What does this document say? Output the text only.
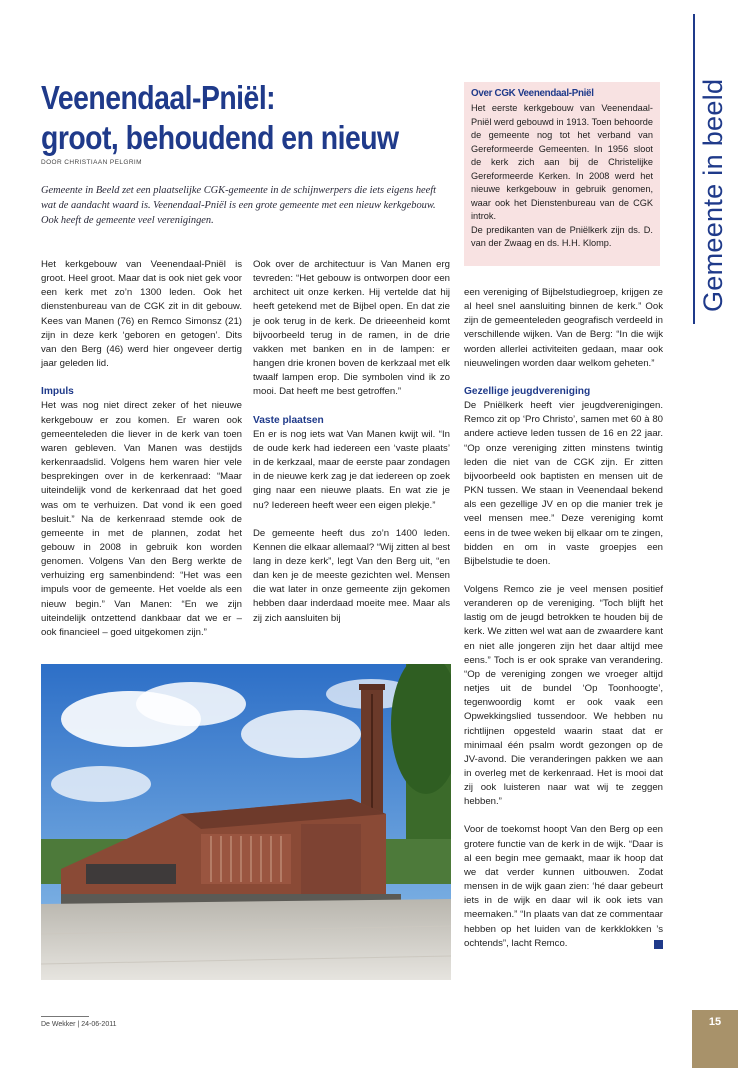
Gemeente in beeld
Veenendaal-Pniël:
groot, behoudend en nieuw
DOOR CHRISTIAAN PELGRIM

Gemeente in Beeld zet een plaatselijke CGK-gemeente in de schijnwerpers die iets eigens heeft wat de aandacht waard is. Veenendaal-Pniël is een grote gemeente met een nieuw kerkgebouw. Ook heeft de gemeente veel verenigingen.

Over CGK Veenendaal-Pniël

Het eerste kerkgebouw van Veenendaal-Pniël werd gebouwd in 1913. Toen behoorde de gemeente nog tot het verband van Gereformeerde Gemeenten. In 1956 sloot de kerk zich aan bij de Christelijke Gereformeerde Kerken. In 2008 werd het nieuwe kerkgebouw in gebruik genomen, waar ook het Dienstenbureau van de CGK introk.

De predikanten van de Pniëlkerk zijn ds. D. van der Zwaag en ds. H.H. Klomp.

Het kerkgebouw van Veenendaal-Pniël is groot. Heel groot. Maar dat is ook niet gek voor een kerk met zo’n 1300 leden. Ook het dienstenbureau van de CGK zit in dit gebouw. Kees van Manen (76) en Remco Simonsz (21) zijn in deze kerk ‘geboren en getogen’. Dits van den Berg (46) werd hier ongeveer dertig jaar geleden lid.

Impuls

Het was nog niet direct zeker of het nieuwe kerkgebouw er zou komen. Er waren ook gemeenteleden die liever in de kerk van toen waren gebleven. Van Manen was destijds kerkenraadslid. Volgens hem waren hier vele besprekingen over in de kerkenraad: “Maar uiteindelijk vond de kerkenraad dat het goed was om te verhuizen. Dat vond ik een goed besluit.” Na de kerkenraad stemde ook de gemeente in met de plannen, zodat het gebouw in 2008 in gebruik kon worden genomen. Volgens Van den Berg werkte de verhuizing erg samenbindend: “Het was een impuls voor de gemeente. Het voelde als een nieuw begin.” Van Manen: “En we zijn uiteindelijk ontzettend dankbaar dat we er – ook financieel – goed uitgekomen zijn.”

Ook over de architectuur is Van Manen erg tevreden: “Het gebouw is ontworpen door een architect uit onze kerken. Hij vertelde dat hij heeft getekend met de Bijbel open. En dat zie je ook terug in de kerk. De drieeenheid komt bijvoorbeeld terug in de ramen, in de drie vakken met banken en in de lampen: er hangen drie kronen boven de kerkzaal met elk twaalf lampen erop. Die symbolen vind ik zo mooi. Dat heeft me best getroffen.”

Vaste plaatsen

En er is nog iets wat Van Manen kwijt wil. “In de oude kerk had iedereen een ‘vaste plaats’ in de kerkzaal, maar de eerste paar zondagen in de nieuwe kerk zag je dat iedereen op zoek ging naar een nieuwe plaats. En wat zie je nu? Iedereen heeft weer een eigen plekje.”

De gemeente heeft dus zo’n 1400 leden. Kennen die elkaar allemaal? “Wij zitten al best lang in deze kerk”, legt Van den Berg uit, “en dan ken je de meeste gezichten wel. Mensen die wat later in onze gemeente zijn gekomen hebben daar inderdaad moeite mee. Maar als zij zich aansluiten bij

een vereniging of Bijbelstudiegroep, krijgen ze al heel snel aansluiting binnen de kerk.” Ook zijn de gemeenteleden geografisch verdeeld in verschillende wijken. Van de Berg: “In die wijk worden allerlei activiteiten gedaan, maar ook nieuwelingen worden daar welkom geheten.”

Gezellige jeugdvereniging

De Pniëlkerk heeft vier jeugdverenigingen. Remco zit op ‘Pro Christo’, samen met 60 à 80 andere actieve leden tussen de 16 en 22 jaar. “Op onze vereniging zitten minstens twintig leden die niet van de CGK zijn. Er zitten bijvoorbeeld ook baptisten en mensen uit de PKN tussen. We staan in Veenendaal bekend als een gezellige JV en op die manier trek je veel mensen mee.” Deze vereniging komt eens in de twee weken bij elkaar om te zingen, bidden en om in vaste groepjes een Bijbelstudie te doen.

Volgens Remco zie je veel mensen positief veranderen op de vereniging. “Toch blijft het lastig om de jeugd betrokken te houden bij de kerk. We zitten wel wat aan de zwaardere kant en niet alle jongeren zijn het daar altijd mee eens.” Toch is er ook sprake van verandering. “Op de vereniging zongen we vroeger altijd netjes uit de bundel ‘Op Toonhoogte’, tegenwoordig komt er ook vaak een Opwekkingslied tussendoor. We hebben nu richtlijnen opgesteld waarin staat dat er minimaal één psalm wordt gezongen op de JV-avond. Die veranderingen pakken we aan in overleg met de kerkenraad. Het is mooi dat zij ook luisteren naar wat wij te zeggen hebben.”

Voor de toekomst hoopt Van den Berg op een grotere functie van de kerk in de wijk. “Daar is al een begin mee gemaakt, maar ik hoop dat we dat verder kunnen uitbouwen. Zodat mensen in de wijk gaan zien: ‘hé daar gebeurt iets in de wijk en daar wil ik ook iets van meemaken.” “In plaats van dat ze commentaar hebben op het luiden van de kerkklokken ’s ochtends”, lacht Remco.

De Wekker | 24-06-2011	15
